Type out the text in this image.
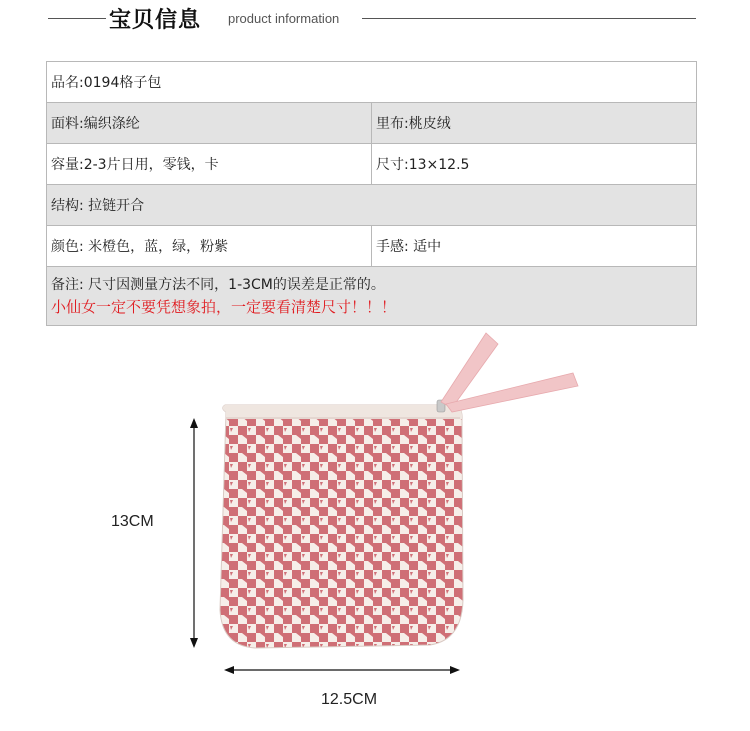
宝贝信息 product information
品名:0194格子包	
面料:编织涤纶	里布:桃皮绒
容量:2-3片日用，零钱，卡	尺寸:13×12.5
结构: 拉链开合	
颜色: 米橙色，蓝，绿，粉紫	手感: 适中

备注: 尺寸因测量方法不同，1-3CM的误差是正常的。
小仙女一定不要凭想象拍，一定要看清楚尺寸！！！	
13CM
12.5CM
